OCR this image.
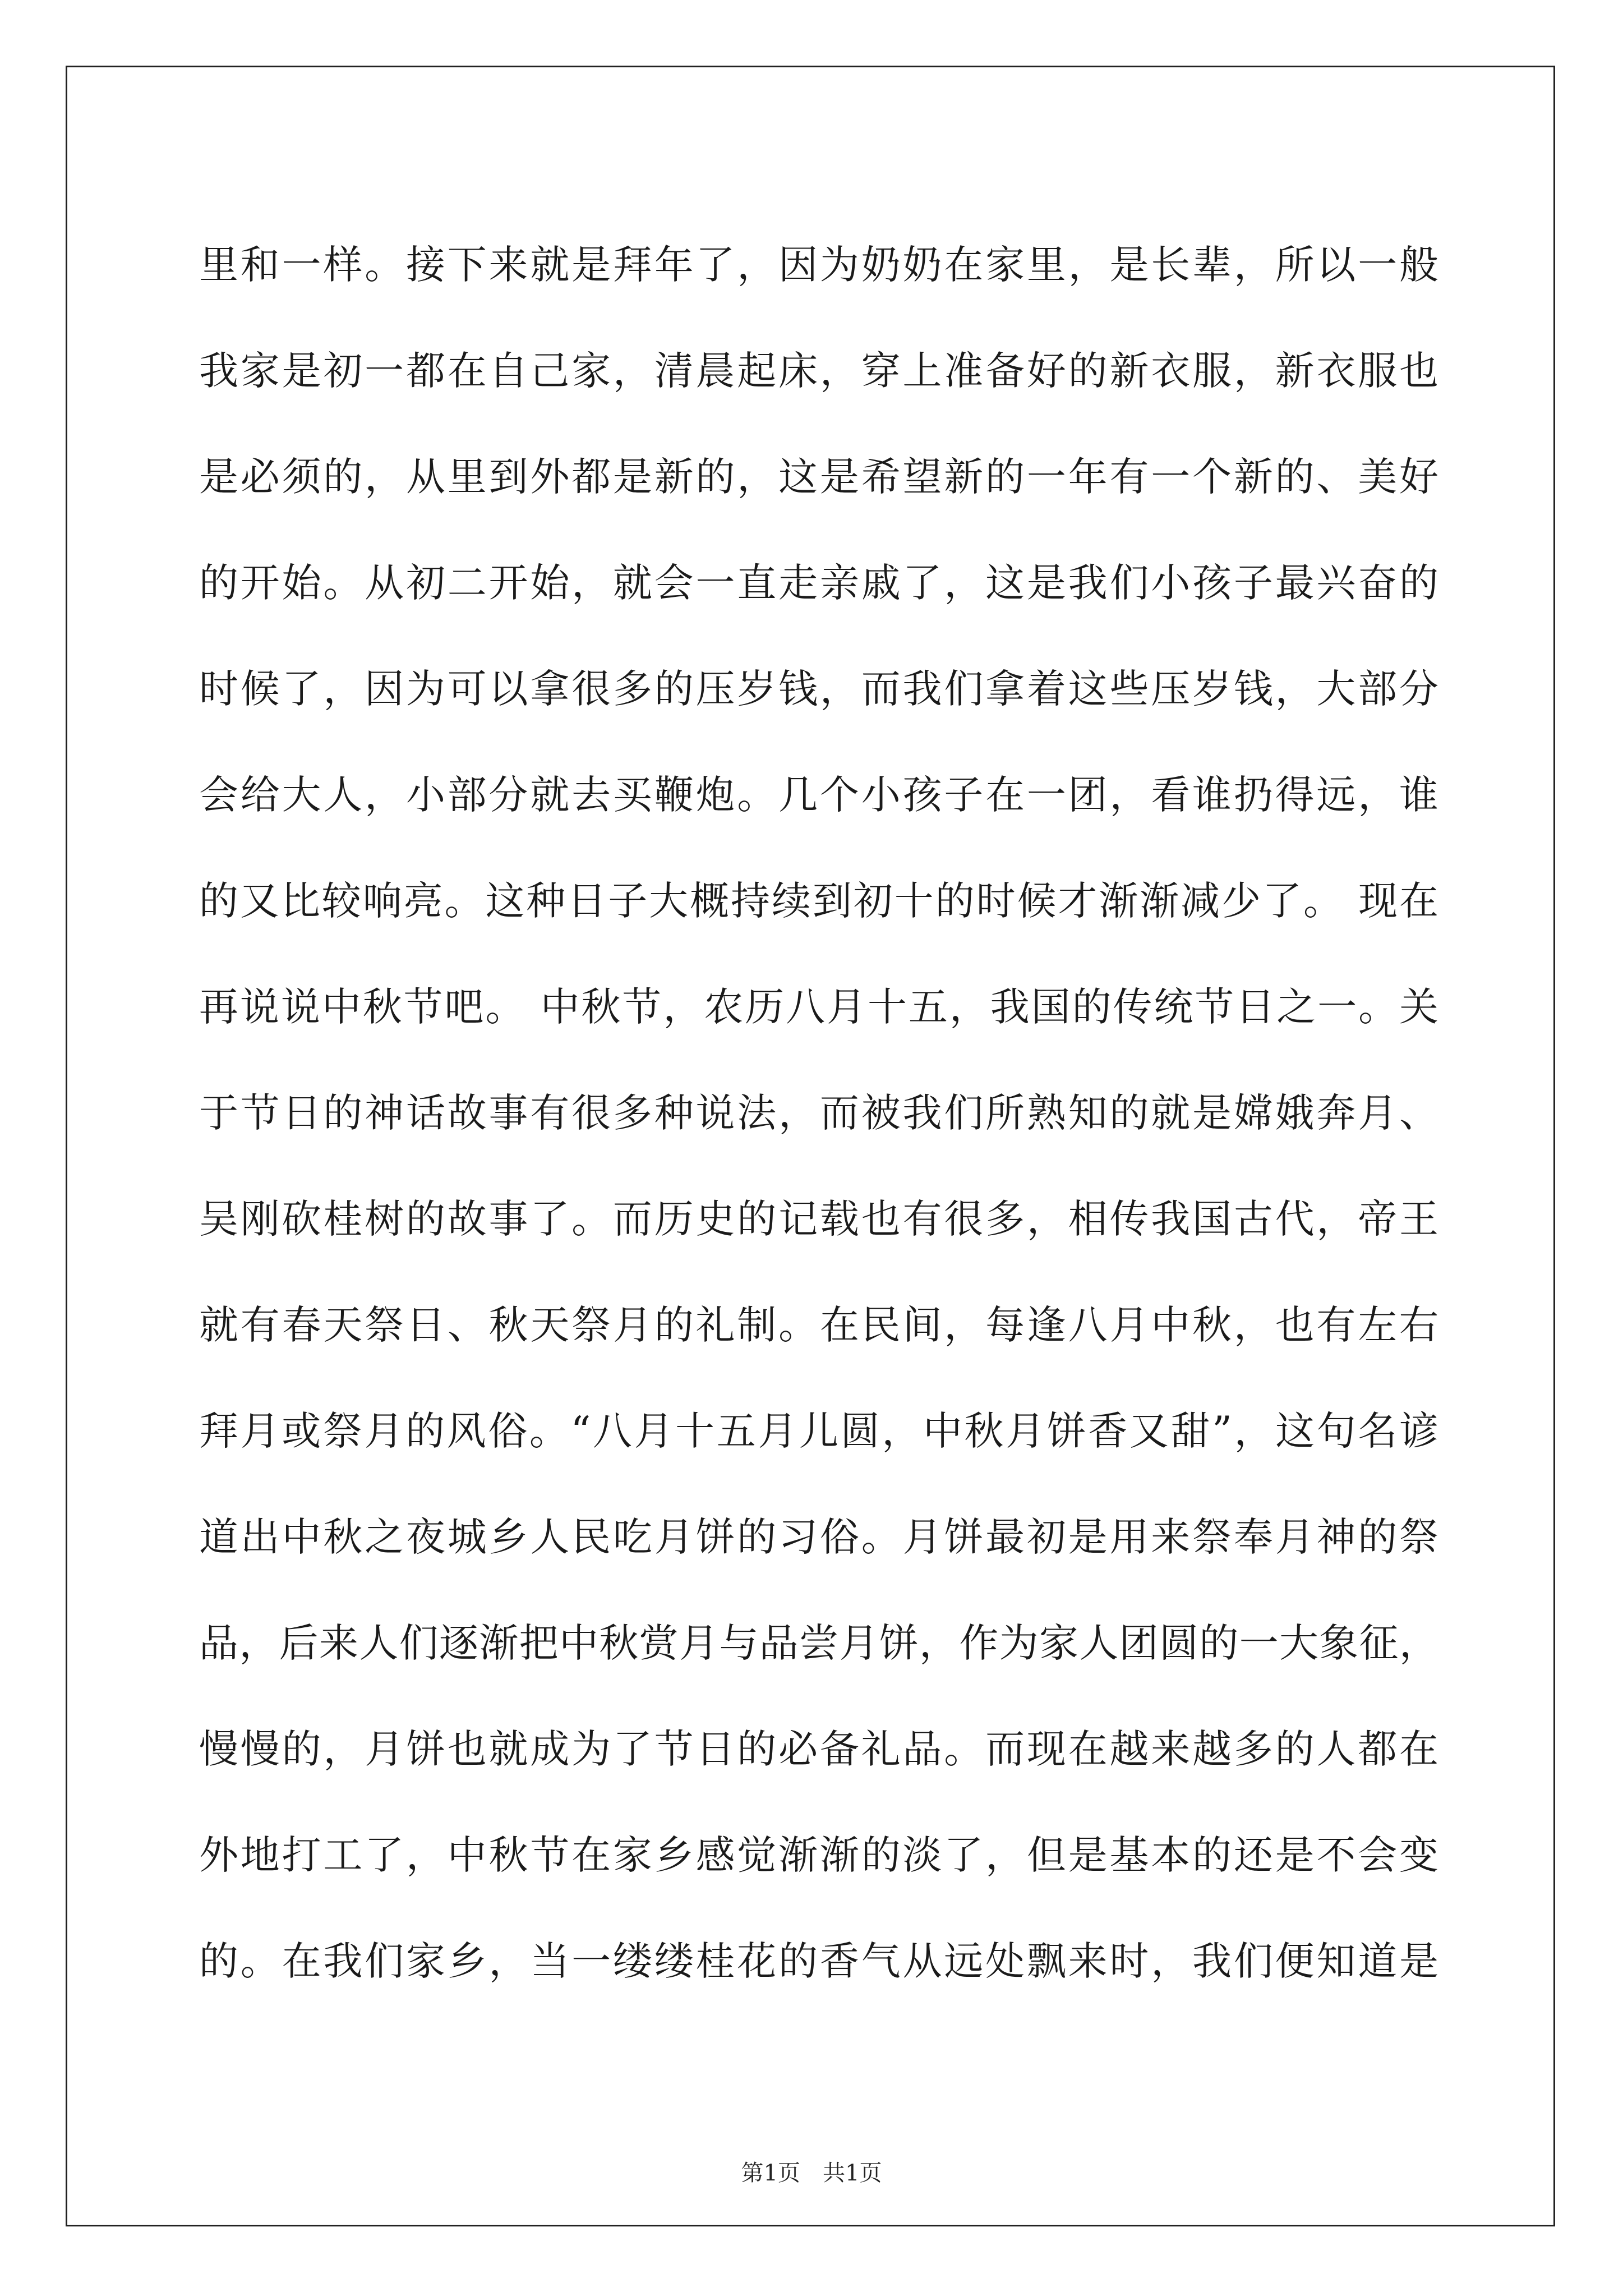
里和一样。接下来就是拜年了，因为奶奶在家里，是长辈，所以一般
我家是初一都在自己家，清晨起床，穿上准备好的新衣服，新衣服也
是必须的，从里到外都是新的，这是希望新的一年有一个新的、美好
的开始。从初二开始，就会一直走亲戚了，这是我们小孩子最兴奋的
时候了，因为可以拿很多的压岁钱，而我们拿着这些压岁钱，大部分
会给大人，小部分就去买鞭炮。几个小孩子在一团，看谁扔得远，谁
的又比较响亮。这种日子大概持续到初十的时候才渐渐减少了。 现在
再说说中秋节吧。 中秋节，农历八月十五，我国的传统节日之一。关
于节日的神话故事有很多种说法，而被我们所熟知的就是嫦娥奔月、
吴刚砍桂树的故事了。而历史的记载也有很多，相传我国古代，帝王
就有春天祭日、秋天祭月的礼制。在民间，每逢八月中秋，也有左右
拜月或祭月的风俗。“八月十五月儿圆，中秋月饼香又甜”，这句名谚
道出中秋之夜城乡人民吃月饼的习俗。月饼最初是用来祭奉月神的祭
品，后来人们逐渐把中秋赏月与品尝月饼，作为家人团圆的一大象征，
慢慢的，月饼也就成为了节日的必备礼品。而现在越来越多的人都在
外地打工了，中秋节在家乡感觉渐渐的淡了，但是基本的还是不会变
的。在我们家乡，当一缕缕桂花的香气从远处飘来时，我们便知道是
第1页 共1页
